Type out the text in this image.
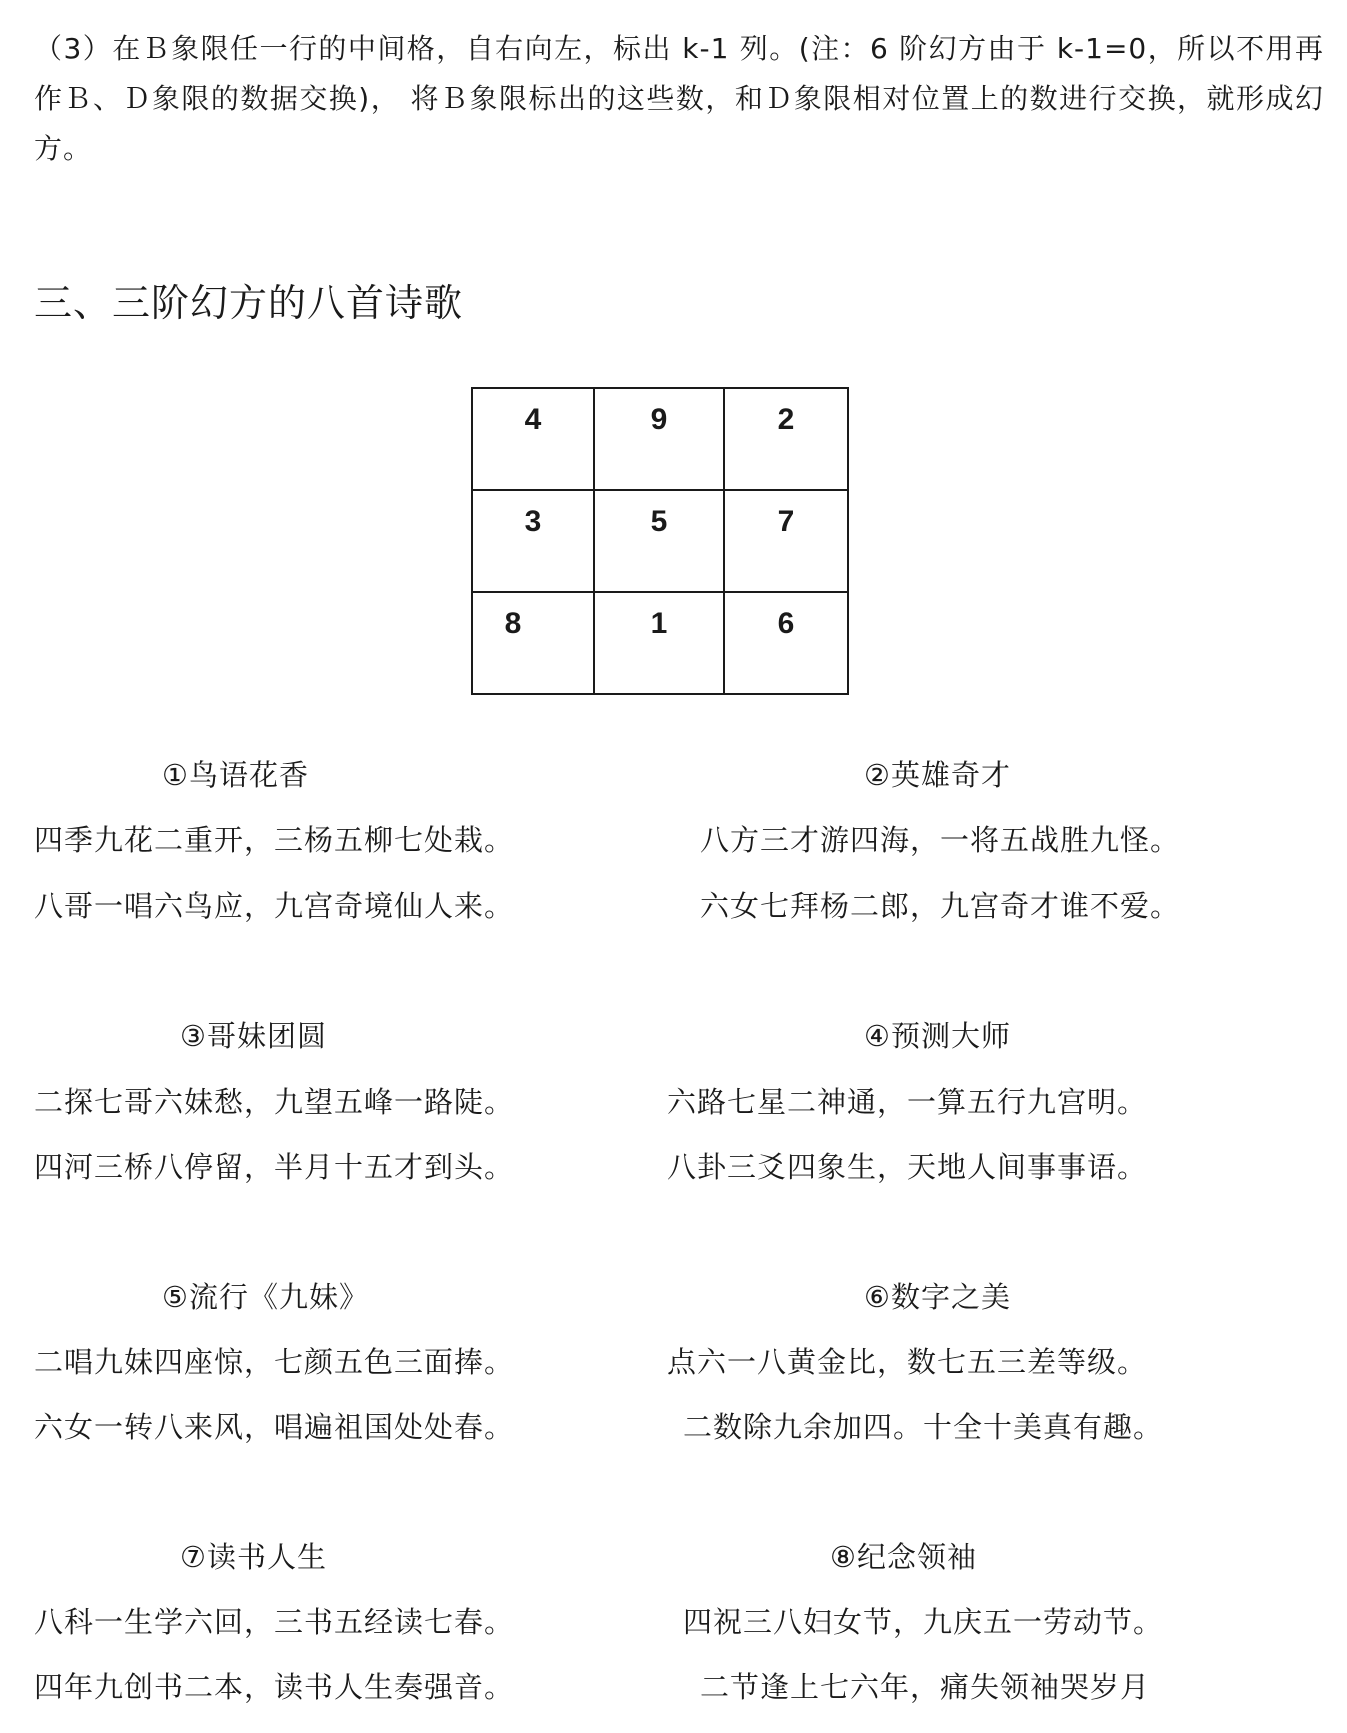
（3）在Ｂ象限任一行的中间格，自右向左，标出 k-1 列。(注：6 阶幻方由于 k-1=0，所以不用再作Ｂ、Ｄ象限的数据交换)， 将Ｂ象限标出的这些数，和Ｄ象限相对位置上的数进行交换，就形成幻方。
三、三阶幻方的八首诗歌
4	9	2

3	5	7

8	1	6
①鸟语花香
四季九花二重开，三杨五柳七处栽。
八哥一唱六鸟应，九宫奇境仙人来。
②英雄奇才
八方三才游四海，一将五战胜九怪。
六女七拜杨二郎，九宫奇才谁不爱。
③哥妹团圆
二探七哥六妹愁，九望五峰一路陡。
四河三桥八停留，半月十五才到头。
④预测大师
六路七星二神通，一算五行九宫明。
八卦三爻四象生，天地人间事事语。
⑤流行《九妹》
二唱九妹四座惊，七颜五色三面捧。
六女一转八来风，唱遍祖国处处春。
⑥数字之美
点六一八黄金比，数七五三差等级。
二数除九余加四。十全十美真有趣。
⑦读书人生
八科一生学六回，三书五经读七春。
四年九创书二本，读书人生奏强音。
⑧纪念领袖
四祝三八妇女节，九庆五一劳动节。
二节逢上七六年，痛失领袖哭岁月
